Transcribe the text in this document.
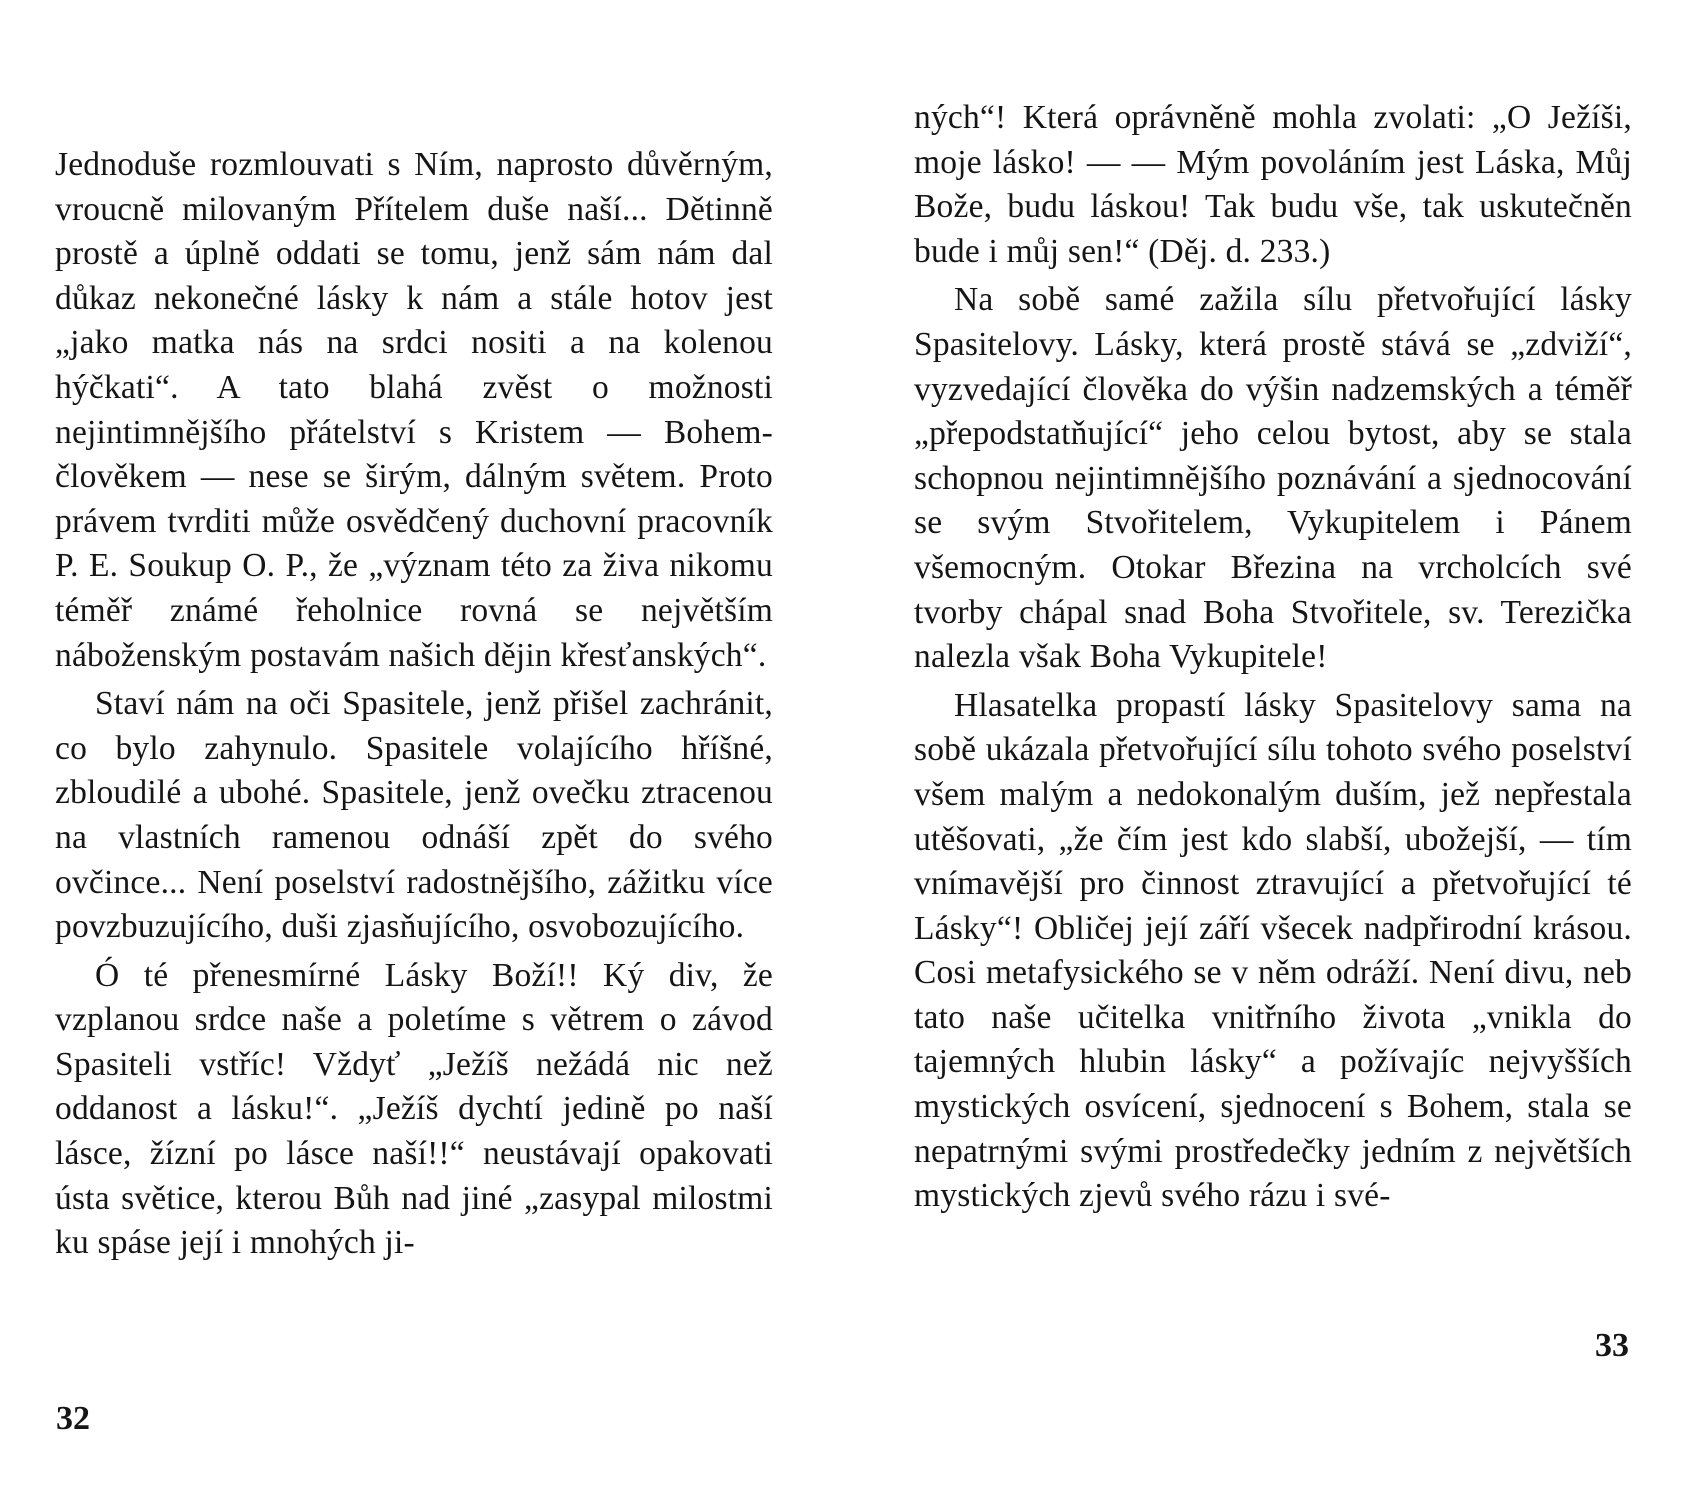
Jednoduše rozmlouvati s Ním, naprosto důvěrným, vroucně milovaným Přítelem duše naší... Dětinně prostě a úplně oddati se tomu, jenž sám nám dal důkaz nekonečné lásky k nám a stále hotov jest „jako matka nás na srdci nositi a na kolenou hýčkati“. A tato blahá zvěst o možnosti nejintimnějšího přátelství s Kristem — Bohem-člověkem — nese se širým, dálným světem. Proto právem tvrditi může osvědčený duchovní pracovník P. E. Soukup O. P., že „význam této za živa nikomu téměř známé řeholnice rovná se největším náboženským postavám našich dějin křesťanských“.

Staví nám na oči Spasitele, jenž přišel zachránit, co bylo zahynulo. Spasitele volajícího hříšné, zbloudilé a ubohé. Spasitele, jenž ovečku ztracenou na vlastních ramenou odnáší zpět do svého ovčince... Není poselství radostnějšího, zážitku více povzbuzujícího, duši zjasňujícího, osvobozujícího.

Ó té přenesmírné Lásky Boží!! Ký div, že vzplanou srdce naše a poletíme s větrem o závod Spasiteli vstříc! Vždyť „Ježíš nežádá nic než oddanost a lásku!“. „Ježíš dychtí jedině po naší lásce, žízní po lásce naší!!“ neustávají opakovati ústa světice, kterou Bůh nad jiné „zasypal milostmi ku spáse její i mnohých ji-

32

ných“! Která oprávněně mohla zvolati: „O Ježíši, moje lásko! — — Mým povoláním jest Láska, Můj Bože, budu láskou! Tak budu vše, tak uskutečněn bude i můj sen!“ (Děj. d. 233.)

Na sobě samé zažila sílu přetvořující lásky Spasitelovy. Lásky, která prostě stává se „zdviží“, vyzvedající člověka do výšin nadzemských a téměř „přepodstatňující“ jeho celou bytost, aby se stala schopnou nejintimnějšího poznávání a sjednocování se svým Stvořitelem, Vykupitelem i Pánem všemocným. Otokar Březina na vrcholcích své tvorby chápal snad Boha Stvořitele, sv. Terezička nalezla však Boha Vykupitele!

Hlasatelka propastí lásky Spasitelovy sama na sobě ukázala přetvořující sílu tohoto svého poselství všem malým a nedokonalým duším, jež nepřestala utěšovati, „že čím jest kdo slabší, ubožejší, — tím vnímavější pro činnost ztravující a přetvořující té Lásky“! Obličej její září všecek nadpřirodní krásou. Cosi metafysického se v něm odráží. Není divu, neb tato naše učitelka vnitřního života „vnikla do tajemných hlubin lásky“ a požívajíc nejvyšších mystických osvícení, sjednocení s Bohem, stala se nepatrnými svými prostředečky jedním z největších mystických zjevů svého rázu i své-

33
